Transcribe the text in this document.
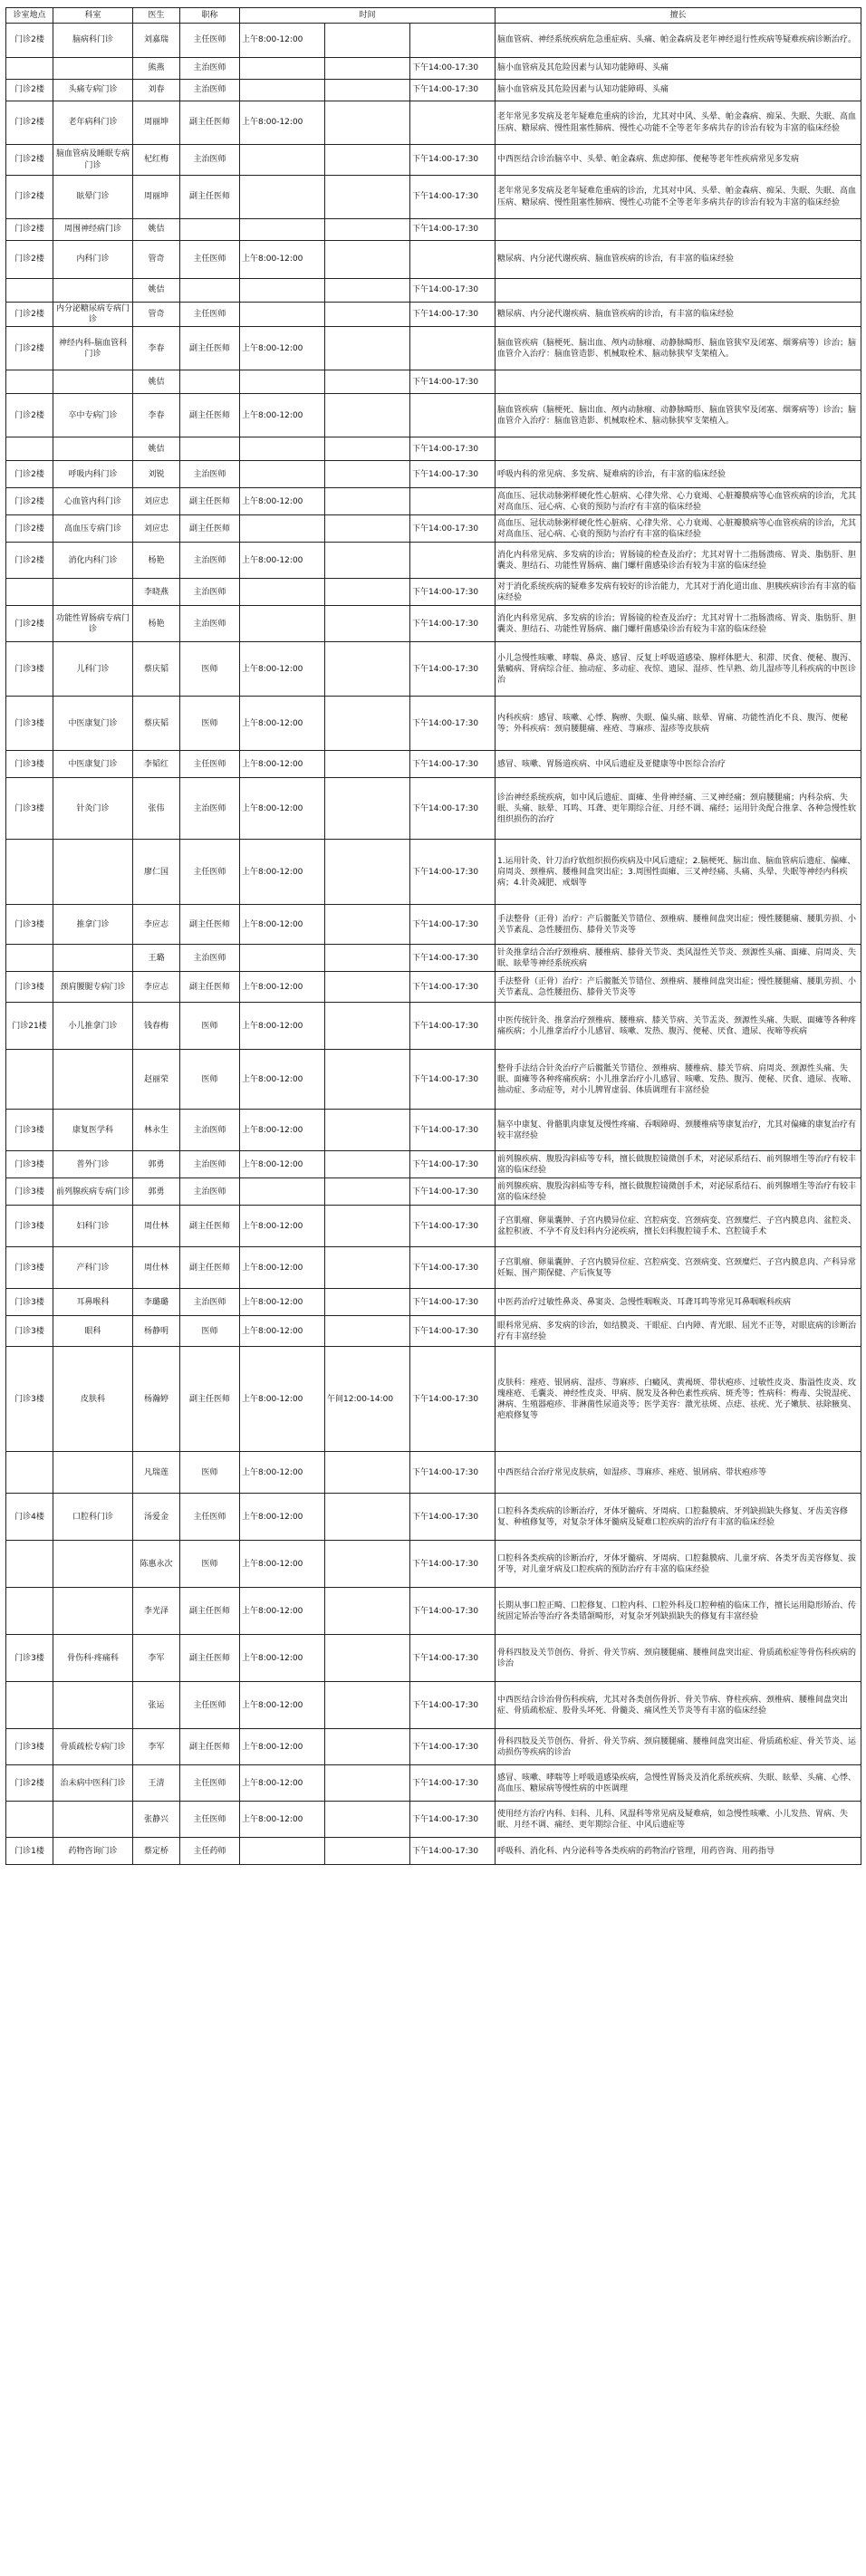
诊室地点	科室	医生	职称	时间			擅长
门诊2楼	脑病科门诊	刘嘉瑞	主任医师	上午8:00-12:00			脑血管病、神经系统疾病危急重症病、头痛、帕金森病及老年神经退行性疾病等疑难疾病诊断治疗。
		熊燕	主治医师			下午14:00-17:30	脑小血管病及其危险因素与认知功能障碍、头痛
门诊2楼	头痛专病门诊	刘春	主治医师			下午14:00-17:30	脑小血管病及其危险因素与认知功能障碍、头痛
门诊2楼	老年病科门诊	周丽坤	副主任医师	上午8:00-12:00			老年常见多发病及老年疑难危重病的诊治，尤其对中风、头晕、帕金森病、痴呆、失眠、失眠、高血压病、糖尿病、慢性阻塞性肺病、慢性心功能不全等老年多病共存的诊治有较为丰富的临床经验
门诊2楼	脑血管病及睡眠专病门诊	杞红梅	主治医师			下午14:00-17:30	中西医结合诊治脑卒中、头晕、帕金森病、焦虑抑郁、便秘等老年性疾病常见多发病
门诊2楼	眩晕门诊	周丽坤	副主任医师			下午14:00-17:30	老年常见多发病及老年疑难危重病的诊治，尤其对中风、头晕、帕金森病、痴呆、失眠、失眠、高血压病、糖尿病、慢性阻塞性肺病、慢性心功能不全等老年多病共存的诊治有较为丰富的临床经验
门诊2楼	周围神经病门诊	姚佶				下午14:00-17:30	
门诊2楼	内科门诊	管奇	主任医师	上午8:00-12:00			糖尿病、内分泌代谢疾病、脑血管疾病的诊治，有丰富的临床经验
		姚佶				下午14:00-17:30	
门诊2楼	内分泌糖尿病专病门诊	管奇	主任医师			下午14:00-17:30	糖尿病、内分泌代谢疾病、脑血管疾病的诊治，有丰富的临床经验
门诊2楼	神经内科-脑血管科门诊	李春	副主任医师	上午8:00-12:00			脑血管疾病（脑梗死、脑出血、颅内动脉瘤、动静脉畸形、脑血管狭窄及闭塞、烟雾病等）诊治；脑血管介入治疗：脑血管造影、机械取栓术、脑动脉狭窄支架植入。
		姚佶				下午14:00-17:30	
门诊2楼	卒中专病门诊	李春	副主任医师	上午8:00-12:00			脑血管疾病（脑梗死、脑出血、颅内动脉瘤、动静脉畸形、脑血管狭窄及闭塞、烟雾病等）诊治；脑血管介入治疗：脑血管造影、机械取栓术、脑动脉狭窄支架植入。
		姚佶				下午14:00-17:30	
门诊2楼	呼吸内科门诊	刘锐	主治医师			下午14:00-17:30	呼吸内科的常见病、多发病、疑难病的诊治，有丰富的临床经验
门诊2楼	心血管内科门诊	刘应忠	副主任医师	上午8:00-12:00			高血压、冠状动脉粥样硬化性心脏病、心律失常、心力衰竭、心脏瓣膜病等心血管疾病的诊治，尤其对高血压、冠心病、心衰的预防与治疗有丰富的临床经验
门诊2楼	高血压专病门诊	刘应忠	副主任医师			下午14:00-17:30	高血压、冠状动脉粥样硬化性心脏病、心律失常、心力衰竭、心脏瓣膜病等心血管疾病的诊治，尤其对高血压、冠心病、心衰的预防与治疗有丰富的临床经验
门诊2楼	消化内科门诊	杨艳	主治医师	上午8:00-12:00			消化内科常见病、多发病的诊治；胃肠镜的检查及治疗；尤其对胃十二指肠溃疡、胃炎、脂肪肝、胆囊炎、胆结石、功能性胃肠病、幽门螺杆菌感染诊治有较为丰富的临床经验
		李晓燕	主治医师			下午14:00-17:30	对于消化系统疾病的疑难多发病有较好的诊治能力，尤其对于消化道出血、胆胰疾病诊治有丰富的临床经验
门诊2楼	功能性胃肠病专病门诊	杨艳	主治医师			下午14:00-17:30	消化内科常见病、多发病的诊治；胃肠镜的检查及治疗；尤其对胃十二指肠溃疡、胃炎、脂肪肝、胆囊炎、胆结石、功能性胃肠病、幽门螺杆菌感染诊治有较为丰富的临床经验
门诊3楼	儿科门诊	蔡庆韬	医师	上午8:00-12:00		下午14:00-17:30	小儿急慢性咳嗽、哮喘、鼻炎、感冒、反复上呼吸道感染、腺样体肥大、积滞、厌食、便秘、腹泻、紫癜病、肾病综合征、抽动症、多动症、夜惊、遗尿、湿疹、性早熟、幼儿湿疹等儿科疾病的中医诊治
门诊3楼	中医康复门诊	蔡庆韬	医师	上午8:00-12:00		下午14:00-17:30	内科疾病：感冒、咳嗽、心悸、胸痹、失眠、偏头痛、眩晕、胃痛、功能性消化不良、腹泻、便秘等；外科疾病：颈肩腰腿痛、痤疮、荨麻疹、湿疹等皮肤病
门诊3楼	中医康复门诊	李韬红	主任医师	上午8:00-12:00		下午14:00-17:30	感冒、咳嗽、胃肠道疾病、中风后遗症及亚健康等中医综合治疗
门诊3楼	针灸门诊	张伟	主治医师	上午8:00-12:00		下午14:00-17:30	诊治神经系统疾病，如中风后遗症、面瘫、坐骨神经痛、三叉神经痛；颈肩腰腿痛；内科杂病、失眠、头痛、眩晕、耳鸣、耳聋、更年期综合征、月经不调、痛经；运用针灸配合推拿、各种急慢性软组织损伤的治疗
		廖仁国	主任医师	上午8:00-12:00		下午14:00-17:30	1.运用针灸、针刀治疗软组织损伤疾病及中风后遗症；2.脑梗死、脑出血、脑血管病后遗症、偏瘫、肩周炎、颈椎病、腰椎间盘突出症；3.周围性面瘫、三叉神经痛、头痛、头晕、失眠等神经内科疾病；4.针灸减肥、戒烟等
门诊3楼	推拿门诊	李应志	副主任医师	上午8:00-12:00		下午14:00-17:30	手法整骨（正骨）治疗：产后髋骶关节错位、颈椎病、腰椎间盘突出症；慢性腰腿痛、腰肌劳损、小关节紊乱、急性腰扭伤、膝骨关节炎等
		王璐	主治医师			下午14:00-17:30	针灸推拿结合治疗颈椎病、腰椎病、膝骨关节炎、类风湿性关节炎、颈源性头痛、面瘫、肩周炎、失眠、眩晕等神经系统疾病
门诊3楼	颈肩腰腿专病门诊	李应志	副主任医师	上午8:00-12:00		下午14:00-17:30	手法整骨（正骨）治疗：产后髋骶关节错位、颈椎病、腰椎间盘突出症；慢性腰腿痛、腰肌劳损、小关节紊乱、急性腰扭伤、膝骨关节炎等
门诊21楼	小儿推拿门诊	钱春梅	医师	上午8:00-12:00		下午14:00-17:30	中医传统针灸、推拿治疗颈椎病、腰椎病、膝关节病、关节盂炎、颈源性头痛、失眠、面瘫等各种疼痛疾病；小儿推拿治疗小儿感冒、咳嗽、发热、腹泻、便秘、厌食、遗尿、夜啼等疾病
		赵丽荣	医师	上午8:00-12:00		下午14:00-17:30	整骨手法结合针灸治疗产后髋骶关节错位、颈椎病、腰椎病、膝关节病、肩周炎、颈源性头痛、失眠、面瘫等各种疼痛疾病；小儿推拿治疗小儿感冒、咳嗽、发热、腹泻、便秘、厌食、遗尿、夜啼、抽动症、多动症等，对小儿脾胃虚弱、体质调理有丰富经验
门诊3楼	康复医学科	林永生	主治医师	上午8:00-12:00		下午14:00-17:30	脑卒中康复、骨骼肌肉康复及慢性疼痛、吞咽障碍、颈腰椎病等康复治疗，尤其对偏瘫的康复治疗有较丰富经验
门诊3楼	普外门诊	郭勇	主治医师	上午8:00-12:00		下午14:00-17:30	前列腺疾病、腹股沟斜疝等专科，擅长做腹腔镜微创手术，对泌尿系结石、前列腺增生等治疗有较丰富的临床经验
门诊3楼	前列腺疾病专病门诊	郭勇	主治医师			下午14:00-17:30	前列腺疾病、腹股沟斜疝等专科，擅长做腹腔镜微创手术，对泌尿系结石、前列腺增生等治疗有较丰富的临床经验
门诊3楼	妇科门诊	周仕林	副主任医师	上午8:00-12:00		下午14:00-17:30	子宫肌瘤、卵巢囊肿、子宫内膜异位症、宫腔病变、宫颈病变、宫颈糜烂、子宫内膜息肉、盆腔炎、盆腔积液、不孕不育及妇科内分泌疾病，擅长妇科腹腔镜手术、宫腔镜手术
门诊3楼	产科门诊	周仕林	副主任医师	上午8:00-12:00		下午14:00-17:30	子宫肌瘤、卵巢囊肿、子宫内膜异位症、宫腔病变、宫颈病变、宫颈糜烂、子宫内膜息肉、产科异常妊娠、围产期保健、产后恢复等
门诊3楼	耳鼻喉科	李璐璐	主治医师	上午8:00-12:00		下午14:00-17:30	中医药治疗过敏性鼻炎、鼻窦炎、急慢性咽喉炎、耳聋耳鸣等常见耳鼻咽喉科疾病
门诊3楼	眼科	杨静明	医师	上午8:00-12:00		下午14:00-17:30	眼科常见病、多发病的诊治，如结膜炎、干眼症、白内障、青光眼、屈光不正等，对眼底病的诊断治疗有丰富经验
门诊3楼	皮肤科	杨瀚婷	副主任医师	上午8:00-12:00	午间12:00-14:00	下午14:00-17:30	皮肤科：痤疮、银屑病、湿疹、荨麻疹、白癜风、黄褐斑、带状疱疹、过敏性皮炎、脂溢性皮炎、玫瑰痤疮、毛囊炎、神经性皮炎、甲病、脱发及各种色素性疾病、斑秃等；性病科：梅毒、尖锐湿疣、淋病、生殖器疱疹、非淋菌性尿道炎等；医学美容：激光祛斑、点痣、祛疣、光子嫩肤、祛除腋臭、疤痕修复等
		凡瑞莲	医师	上午8:00-12:00		下午14:00-17:30	中西医结合治疗常见皮肤病，如湿疹、荨麻疹、痤疮、银屑病、带状疱疹等
门诊4楼	口腔科门诊	汤爱金	主任医师	上午8:00-12:00		下午14:00-17:30	口腔科各类疾病的诊断治疗，牙体牙髓病、牙周病、口腔黏膜病、牙列缺损缺失修复、牙齿美容修复、种植修复等，对复杂牙体牙髓病及疑难口腔疾病的治疗有丰富的临床经验
		陈惠永次	医师	上午8:00-12:00		下午14:00-17:30	口腔科各类疾病的诊断治疗，牙体牙髓病、牙周病、口腔黏膜病、儿童牙病、各类牙齿美容修复、拔牙等，对儿童牙病及口腔疾病的预防治疗有丰富的临床经验
		李光泽	副主任医师	上午8:00-12:00		下午14:00-17:30	长期从事口腔正畸、口腔修复、口腔内科、口腔外科及口腔种植的临床工作，擅长运用隐形矫治、传统固定矫治等治疗各类错颌畸形，对复杂牙列缺损缺失的修复有丰富经验
门诊3楼	骨伤科·疼痛科	李军	副主任医师	上午8:00-12:00		下午14:00-17:30	骨科四肢及关节创伤、骨折、骨关节病、颈肩腰腿痛、腰椎间盘突出症、骨质疏松症等骨伤科疾病的诊治
		张运	主任医师	上午8:00-12:00		下午14:00-17:30	中西医结合诊治骨伤科疾病，尤其对各类创伤骨折、骨关节病、脊柱疾病、颈椎病、腰椎间盘突出症、骨质疏松症、股骨头坏死、骨髓炎、痛风性关节炎等有丰富的临床经验
门诊3楼	骨质疏松专病门诊	李军	副主任医师	上午8:00-12:00		下午14:00-17:30	骨科四肢及关节创伤、骨折、骨关节病、颈肩腰腿痛、腰椎间盘突出症、骨质疏松症、骨关节炎、运动损伤等疾病的诊治
门诊2楼	治未病中医科门诊	王清	主任医师	上午8:00-12:00		下午14:00-17:30	感冒、咳嗽、哮喘等上呼吸道感染疾病，急慢性胃肠炎及消化系统疾病、失眠、眩晕、头痛、心悸、高血压、糖尿病等慢性病的中医调理
		张静兴	主任医师	上午8:00-12:00		下午14:00-17:30	使用经方治疗内科、妇科、儿科、风湿科等常见病及疑难病，如急慢性咳嗽、小儿发热、胃病、失眠、月经不调、痛经、更年期综合征、中风后遗症等
门诊1楼	药物咨询门诊	蔡定桥	主任药师			下午14:00-17:30	呼吸科、消化科、内分泌科等各类疾病的药物治疗管理，用药咨询、用药指导
